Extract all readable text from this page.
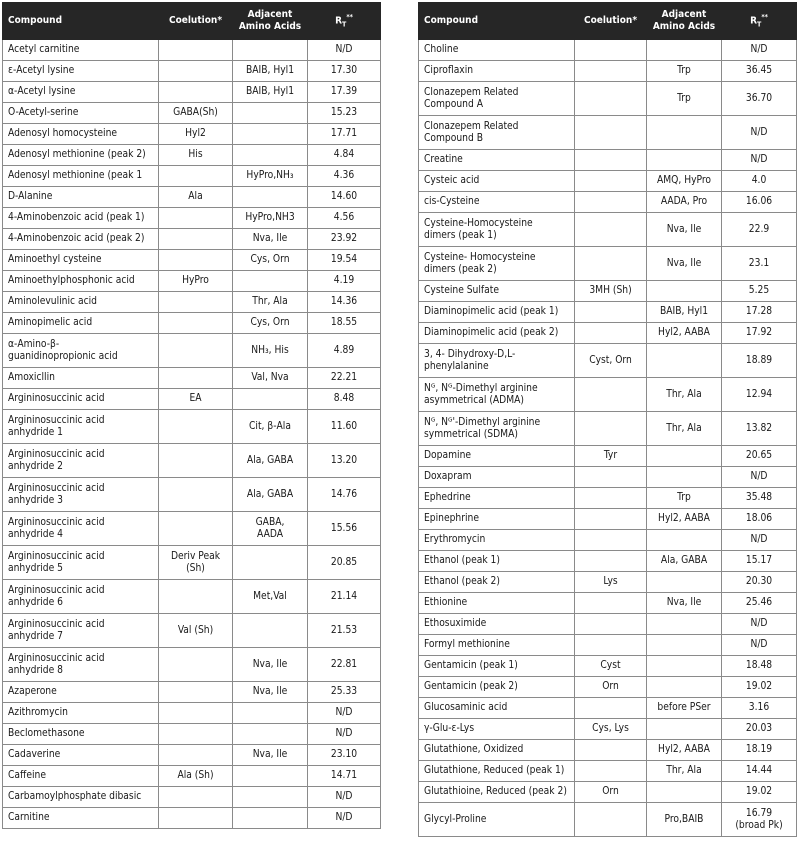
Compound	Coelution*	Adjacent Amino Acids	$R_T^{**}$
Acetyl carnitine			N/D
ε-Acetyl lysine		BAIB, Hyl1	17.30
α-Acetyl lysine		BAIB, Hyl1	17.39
O-Acetyl-serine	GABA(Sh)		15.23
Adenosyl homocysteine	Hyl2		17.71
Adenosyl methionine (peak 2)	His		4.84
Adenosyl methionine (peak 1		HyPro,NH₃	4.36
D-Alanine	Ala		14.60
4-Aminobenzoic acid (peak 1)		HyPro,NH3	4.56
4-Aminobenzoic acid (peak 2)		Nva, Ile	23.92
Aminoethyl cysteine		Cys, Orn	19.54
Aminoethylphosphonic acid	HyPro		4.19
Aminolevulinic acid		Thr, Ala	14.36
Aminopimelic acid		Cys, Orn	18.55
α-Amino-β-
guanidinopropionic acid		NH₃, His	4.89
Amoxicllin		Val, Nva	22.21
Argininosuccinic acid	EA		8.48
Argininosuccinic acid
anhydride 1		Cit, β-Ala	11.60
Argininosuccinic acid
anhydride 2		Ala, GABA	13.20
Argininosuccinic acid
anhydride 3		Ala, GABA	14.76
Argininosuccinic acid
anhydride 4		GABA,
AADA	15.56
Argininosuccinic acid
anhydride 5	Deriv Peak
(Sh)		20.85
Argininosuccinic acid
anhydride 6		Met,Val	21.14
Argininosuccinic acid
anhydride 7	Val (Sh)		21.53
Argininosuccinic acid
anhydride 8		Nva, Ile	22.81
Azaperone		Nva, Ile	25.33
Azithromycin			N/D
Beclomethasone			N/D
Cadaverine		Nva, Ile	23.10
Caffeine	Ala (Sh)		14.71
Carbamoylphosphate dibasic			N/D
Carnitine			N/D
Compound	Coelution*	Adjacent Amino Acids	$R_T^{**}$
Choline			N/D
Ciproflaxin		Trp	36.45
Clonazepem Related
Compound A		Trp	36.70
Clonazepem Related
Compound B			N/D
Creatine			N/D
Cysteic acid		AMQ, HyPro	4.0
cis-Cysteine		AADA, Pro	16.06
Cysteine-Homocysteine
dimers (peak 1)		Nva, Ile	22.9
Cysteine- Homocysteine
dimers (peak 2)		Nva, Ile	23.1
Cysteine Sulfate	3MH (Sh)		5.25
Diaminopimelic acid (peak 1)		BAIB, Hyl1	17.28
Diaminopimelic acid (peak 2)		Hyl2, AABA	17.92
3, 4- Dihydroxy-D,L-
phenylalanine	Cyst, Orn		18.89
Nᴳ, Nᴳ-Dimethyl arginine
asymmetrical (ADMA)		Thr, Ala	12.94
Nᴳ, Nᴳ'-Dimethyl arginine
symmetrical (SDMA)		Thr, Ala	13.82
Dopamine	Tyr		20.65
Doxapram			N/D
Ephedrine		Trp	35.48
Epinephrine		Hyl2, AABA	18.06
Erythromycin			N/D
Ethanol (peak 1)		Ala, GABA	15.17
Ethanol (peak 2)	Lys		20.30
Ethionine		Nva, Ile	25.46
Ethosuximide			N/D
Formyl methionine			N/D
Gentamicin (peak 1)	Cyst		18.48
Gentamicin (peak 2)	Orn		19.02
Glucosaminic acid		before PSer	3.16
γ-Glu-ε-Lys	Cys, Lys		20.03
Glutathione, Oxidized		Hyl2, AABA	18.19
Glutathione, Reduced (peak 1)		Thr, Ala	14.44
Glutathioine, Reduced (peak 2)	Orn		19.02
Glycyl-Proline		Pro,BAIB	16.79
(broad Pk)
